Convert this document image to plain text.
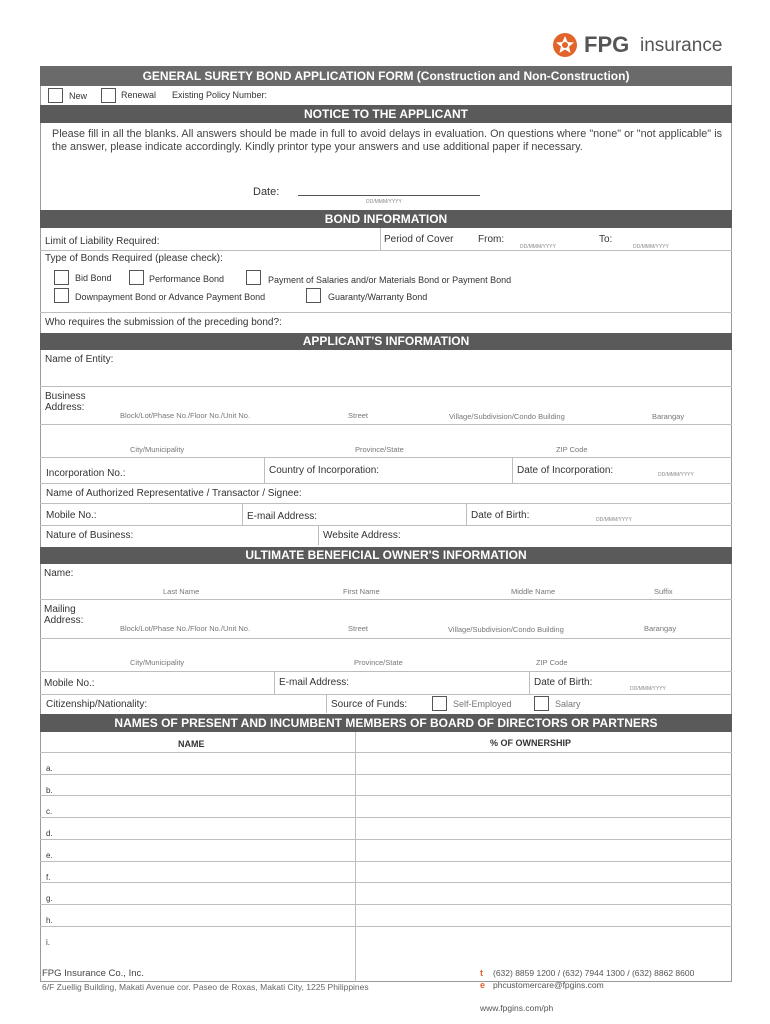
FPG insurance
GENERAL SURETY BOND APPLICATION FORM (Construction and Non-Construction)
New	Renewal Existing Policy Number:
NOTICE TO THE APPLICANT
Please fill in all the blanks. All answers should be made in full to avoid delays in evaluation. On questions where "none" or "not applicable" is the answer, please indicate accordingly. Kindly printor type your answers and use additional paper if necessary.
Date:
DD/MMM/YYYY
BOND INFORMATION
Limit of Liability Required:	Period of Cover From:
DD/MMM/YYYY
To:
DD/MMM/YYYY
Type of Bonds Required (please check):
Bid Bond	Performance Bond	Payment of Salaries and/or Materials Bond or Payment Bond
Downpayment Bond or Advance Payment Bond	Guaranty/Warranty Bond
Who requires the submission of the preceding bond?:
APPLICANT'S INFORMATION
Name of Entity:
Business Address:
Block/Lot/Phase No./Floor No./Unit No.	Street	Village/Subdivision/Condo Building	Barangay
City/Municipality	Province/State	ZIP Code
Incorporation No.:	Country of Incorporation:	Date of Incorporation:	DD/MMM/YYYY
Name of Authorized Representative / Transactor / Signee:
Mobile No.:	E-mail Address:	Date of Birth:	DD/MMM/YYYY
Nature of Business:	Website Address:
ULTIMATE BENEFICIAL OWNER'S INFORMATION
Name:
Last Name	First Name	Middle Name	Suffix
Mailing Address:
Block/Lot/Phase No./Floor No./Unit No.	Street	Village/Subdivision/Condo Building	Barangay
City/Municipality	Province/State	ZIP Code
Mobile No.:	E-mail Address:	Date of Birth:
DD/MMM/YYYY
Citizenship/Nationality:	Source of Funds:	Self-Employed	Salary
NAMES OF PRESENT AND INCUMBENT MEMBERS OF BOARD OF DIRECTORS OR PARTNERS
NAME	% OF OWNERSHIP
a.
b.
c.
d.
e.
f.
g.
h.
i.
FPG Insurance Co., Inc.
6/F Zuellig Building, Makati Avenue cor. Paseo de Roxas, Makati City, 1225 Philippines
t (632) 8859 1200 / (632) 7944 1300 / (632) 8862 8600
e phcustomercare@fpgins.com
www.fpgins.com/ph
